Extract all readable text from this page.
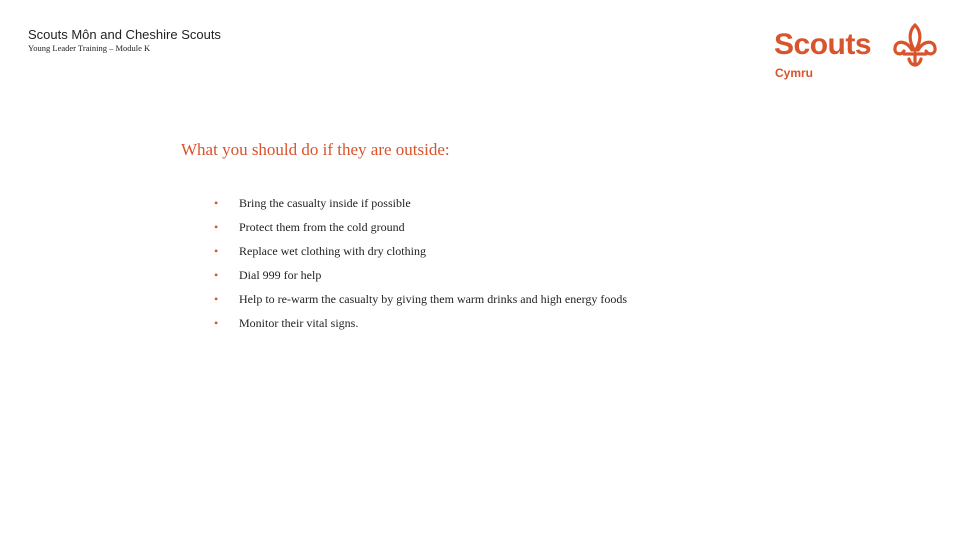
Scouts Môn and Cheshire Scouts
Young Leader Training – Module K	Scouts
Cymru
What you should do if they are outside:
•	Bring the casualty inside if possible
•	Protect them from the cold ground
•	Replace wet clothing with dry clothing
•	Dial 999 for help
•	Help to re-warm the casualty by giving them warm drinks and high energy foods
•	Monitor their vital signs.
